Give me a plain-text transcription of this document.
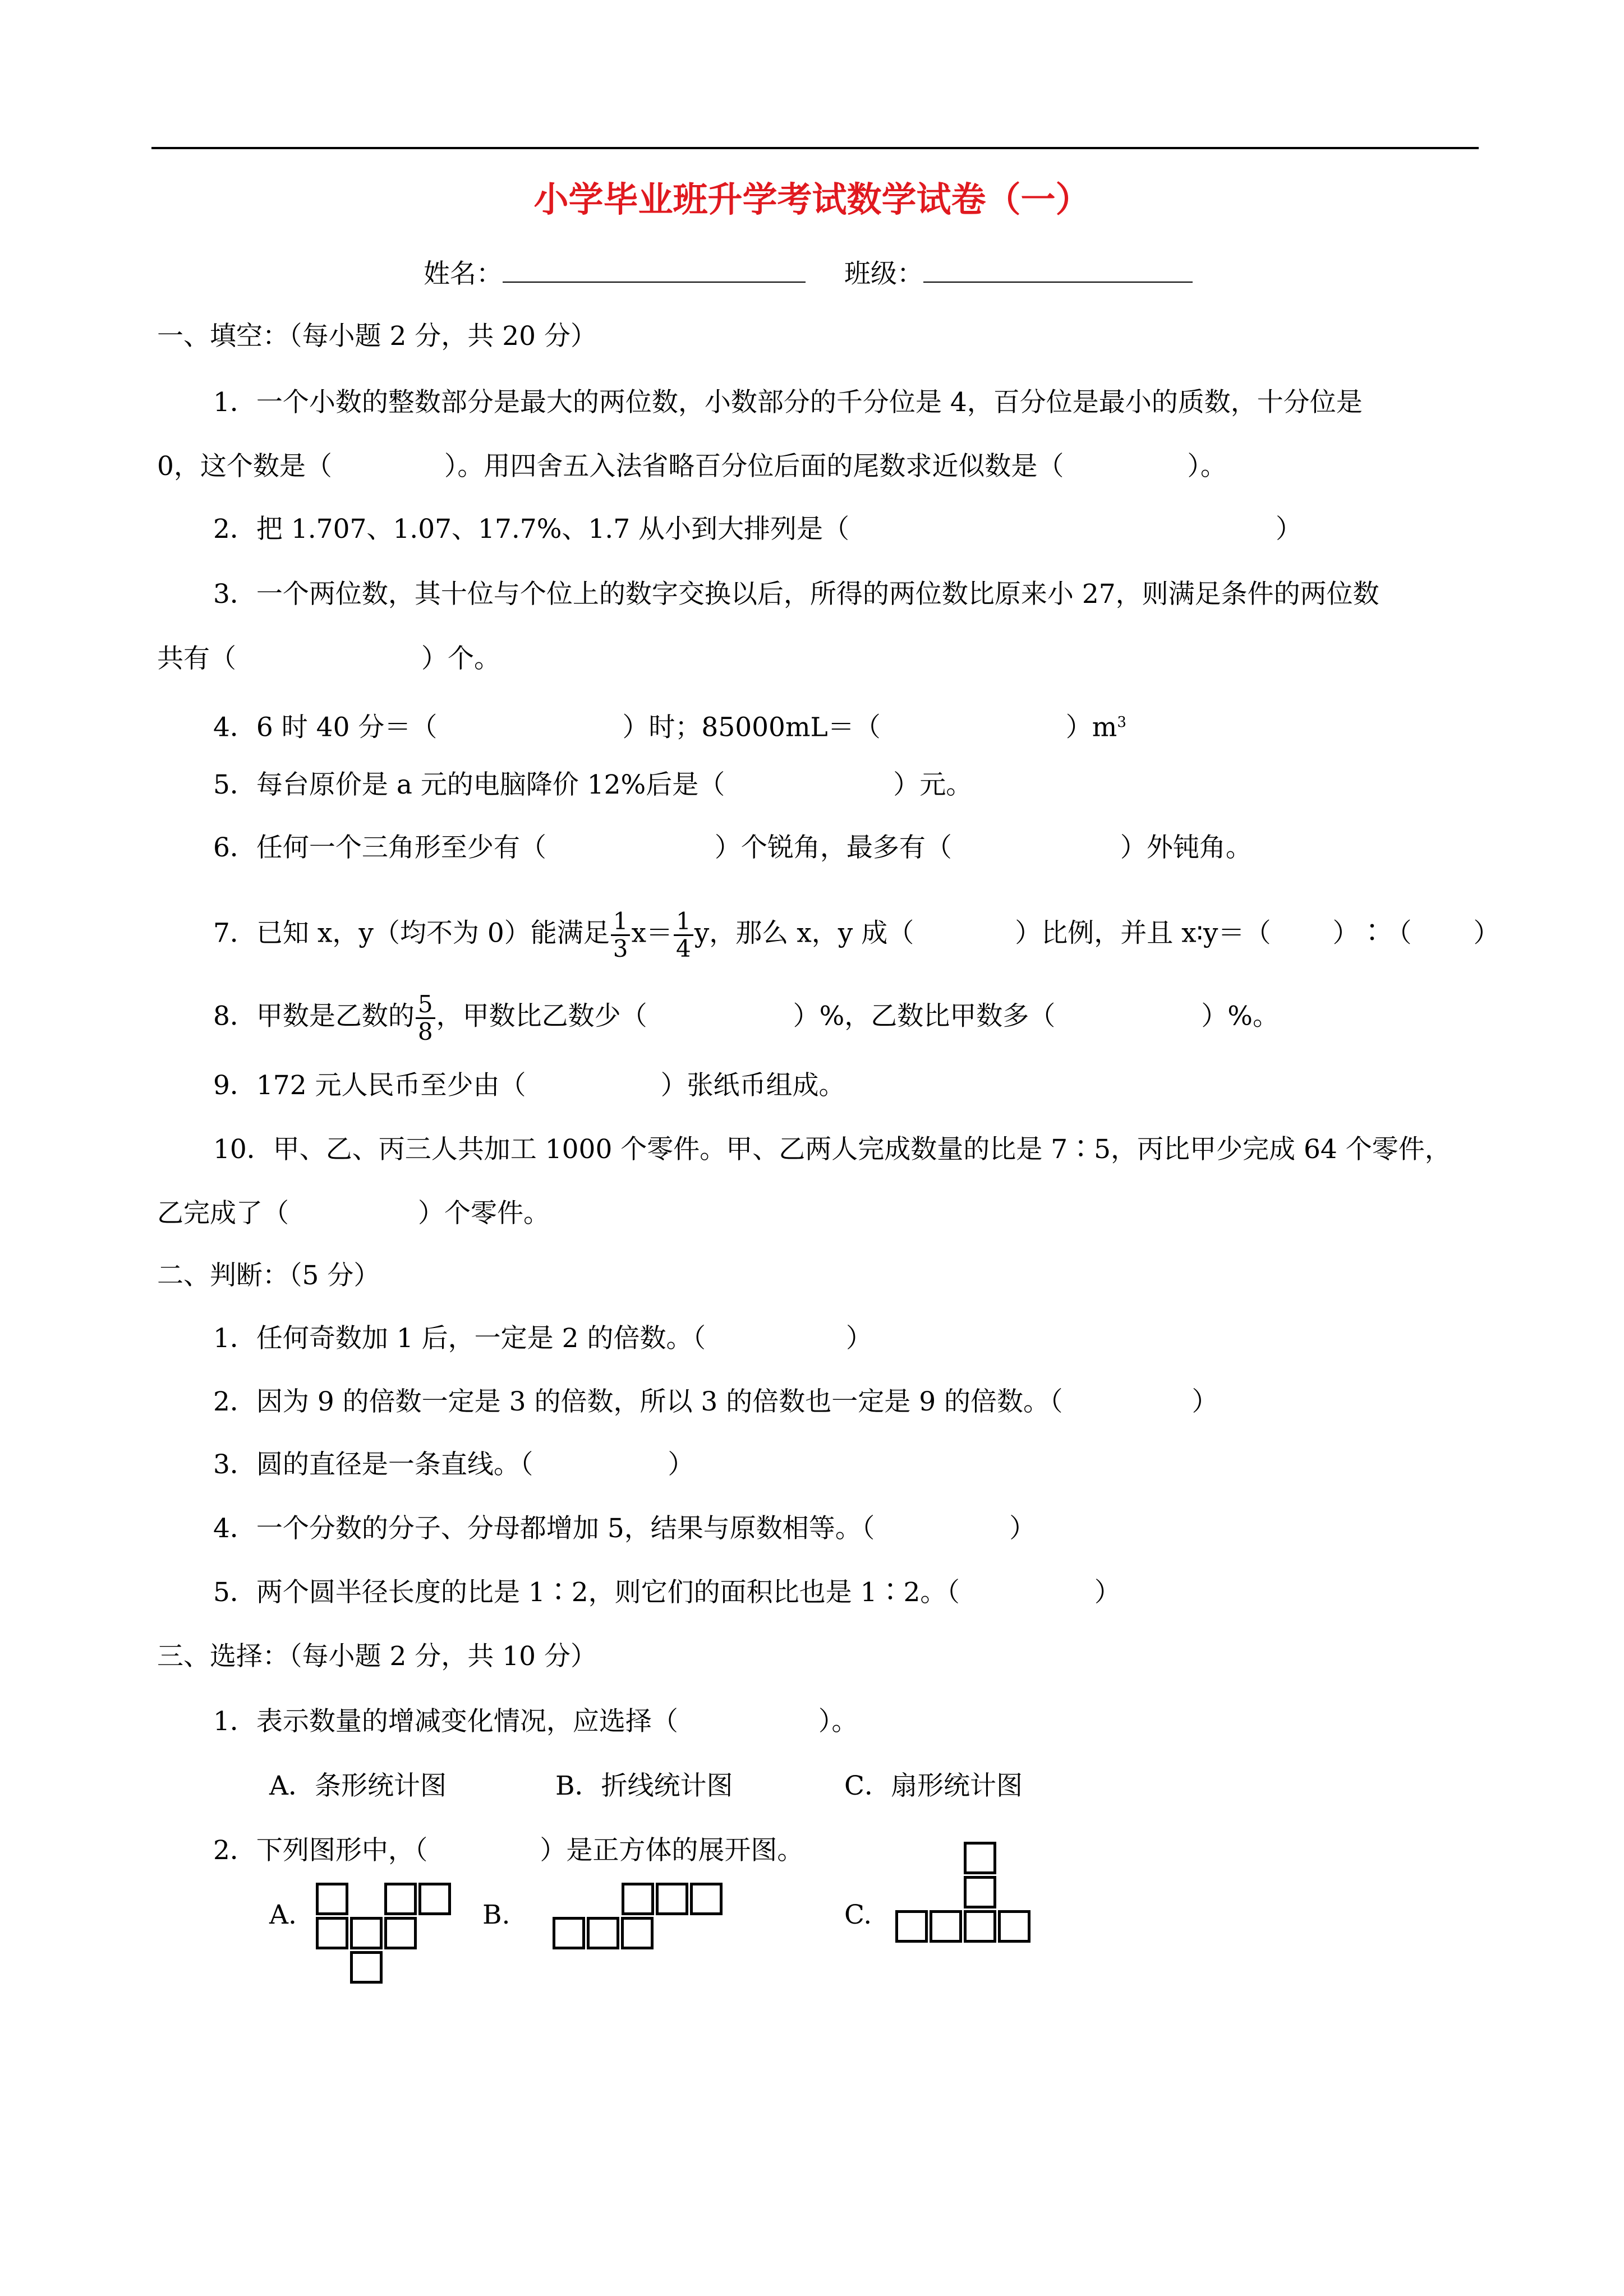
小学毕业班升学考试数学试卷（一）
姓名：	班级：
一、填空：（每小题 2 分，共 20 分）
1．一个小数的整数部分是最大的两位数，小数部分的千分位是 4，百分位是最小的质数，十分位是
0，这个数是（	）。用四舍五入法省略百分位后面的尾数求近似数是（	）。
2．把 1.707、1.07、17.7%、1.7 从小到大排列是（	）
3．一个两位数，其十位与个位上的数字交换以后，所得的两位数比原来小 27，则满足条件的两位数
共有（	）个。
4．6 时 40 分＝（	）时；85000mL＝（	）$m^3$
5．每台原价是 a 元的电脑降价 12%后是（	）元。
6．任何一个三角形至少有（	）个锐角，最多有（	）外钝角。
7．已知 x，y（均不为 0）能满足 $\frac{1}{3} x= \frac{1}{4}$ y，那么 x，y 成（	）比例，并且 x∶y＝（ ）∶（ ）
8．甲数是乙数的 $\frac{5}{8}$ ，甲数比乙数少（	）%，乙数比甲数多（	）%。
9．172 元人民币至少由（	）张纸币组成。
10．甲、乙、丙三人共加工 1000 个零件。甲、乙两人完成数量的比是 7∶5，丙比甲少完成 64 个零件，
乙完成了（	）个零件。
二、判断：（5 分）
1．任何奇数加 1 后，一定是 2 的倍数。（	）
2．因为 9 的倍数一定是 3 的倍数，所以 3 的倍数也一定是 9 的倍数。（	）
3．圆的直径是一条直线。（	）
4．一个分数的分子、分母都增加 5，结果与原数相等。（	）
5．两个圆半径长度的比是 1∶2，则它们的面积比也是 1∶2。（	）
三、选择：（每小题 2 分，共 10 分）
1．表示数量的增减变化情况，应选择（	）。
A．条形统计图	B．折线统计图	C．扇形统计图
2．下列图形中，（	）是正方体的展开图。
A.	B.	C.
